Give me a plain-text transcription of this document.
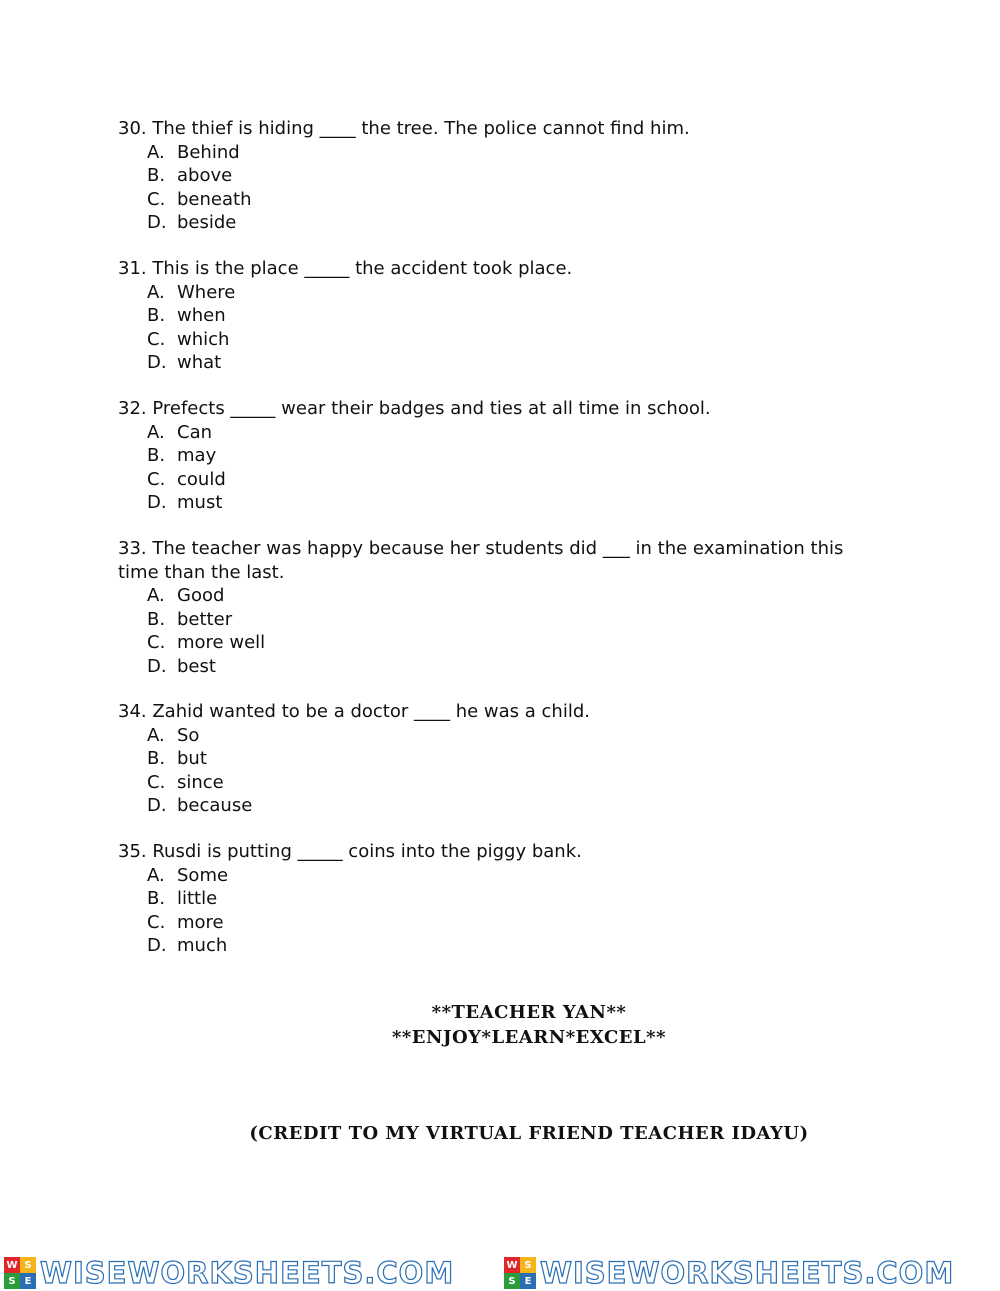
30. The thief is hiding ____ the tree. The police cannot find him.

A. Behind
B. above
C. beneath
D. beside

31. This is the place _____ the accident took place.

A. Where
B. when
C. which
D. what

32. Prefects _____ wear their badges and ties at all time in school.

A. Can
B. may
C. could
D. must

33. The teacher was happy because her students did ___ in the examination this time than the last.

A. Good
B. better
C. more well
D. best

34. Zahid wanted to be a doctor ____ he was a child.

A. So
B. but
C. since
D. because

35. Rusdi is putting _____ coins into the piggy bank.

A. Some
B. little
C. more
D. much
**TEACHER YAN**
**ENJOY*LEARN*EXCEL**
(CREDIT TO MY VIRTUAL FRIEND TEACHER IDAYU)
W S
S E WISEWORKSHEETS.COM	W S
S E WISEWORKSHEETS.COM
